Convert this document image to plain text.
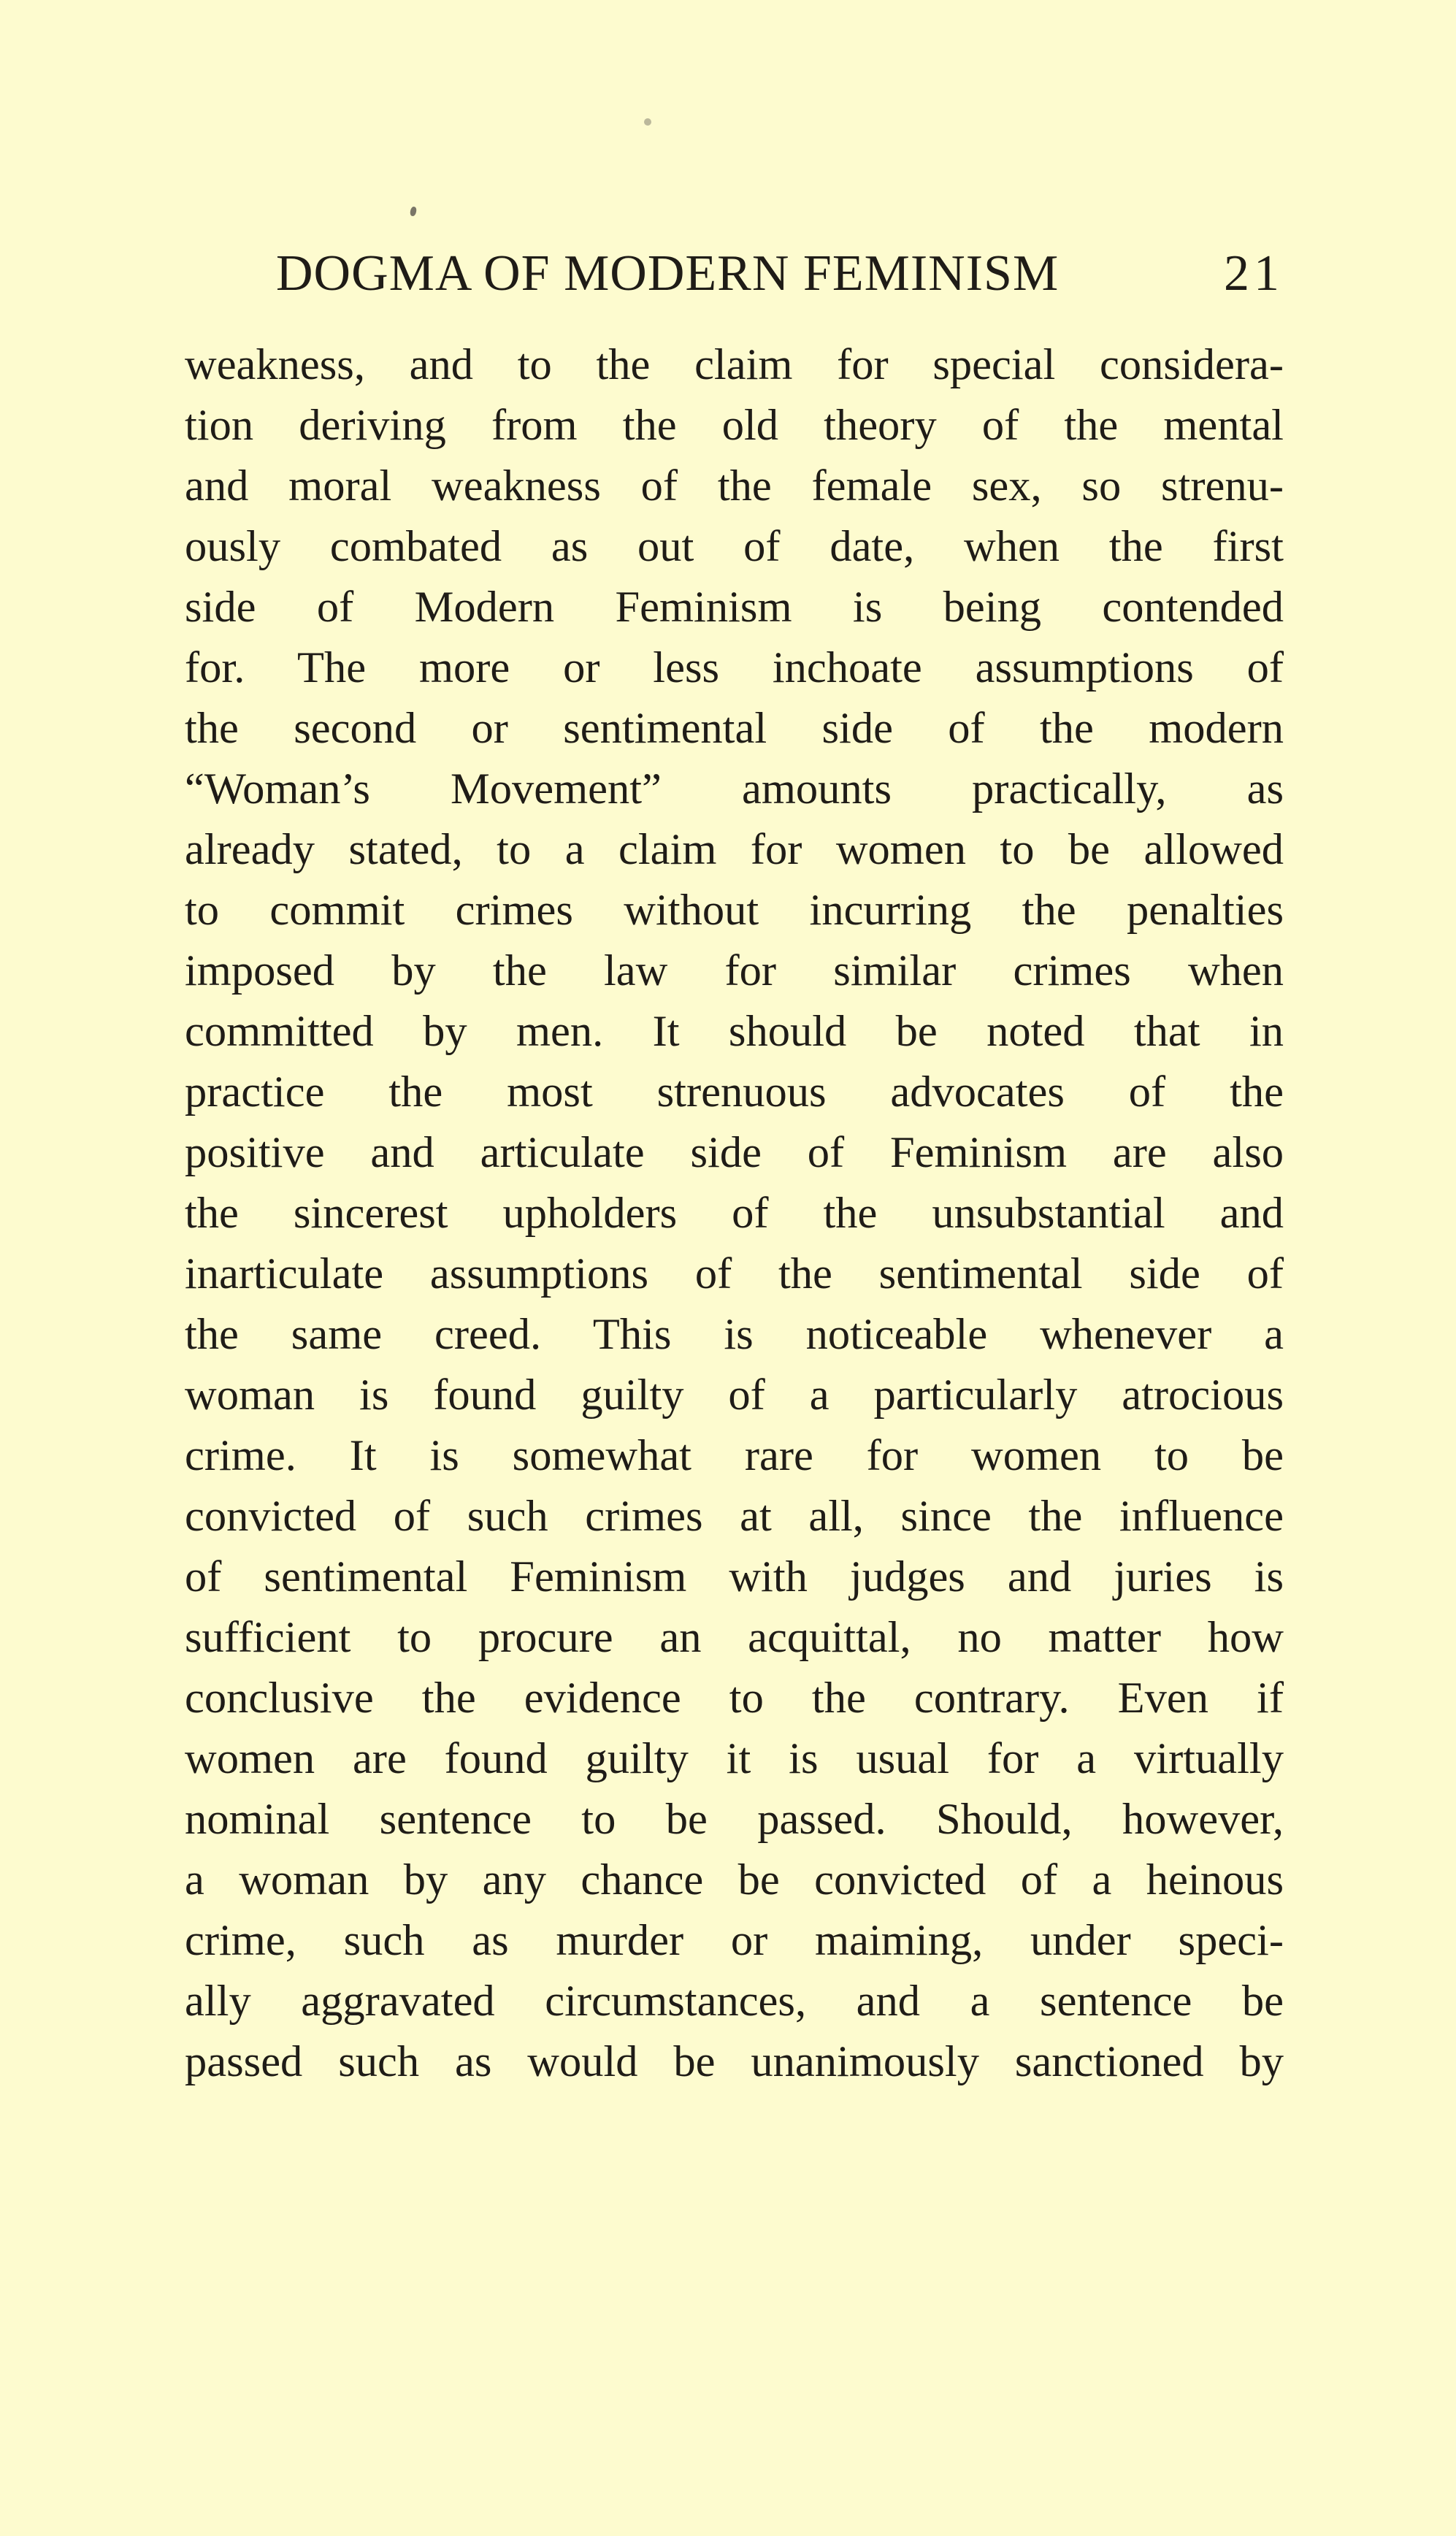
DOGMA OF MODERN FEMINISM	21
weakness, and to the claim for special considera-
tion deriving from the old theory of the mental
and moral weakness of the female sex, so strenu-
ously combated as out of date, when the first
side of Modern Feminism is being contended
for. The more or less inchoate assumptions of
the second or sentimental side of the modern
“Woman’s Movement” amounts practically, as
already stated, to a claim for women to be allowed
to commit crimes without incurring the penalties
imposed by the law for similar crimes when
committed by men. It should be noted that in
practice the most strenuous advocates of the
positive and articulate side of Feminism are also
the sincerest upholders of the unsubstantial and
inarticulate assumptions of the sentimental side of
the same creed. This is noticeable whenever a
woman is found guilty of a particularly atrocious
crime. It is somewhat rare for women to be
convicted of such crimes at all, since the influence
of sentimental Feminism with judges and juries is
sufficient to procure an acquittal, no matter how
conclusive the evidence to the contrary. Even if
women are found guilty it is usual for a virtually
nominal sentence to be passed. Should, however,
a woman by any chance be convicted of a heinous
crime, such as murder or maiming, under speci-
ally aggravated circumstances, and a sentence be
passed such as would be unanimously sanctioned by
